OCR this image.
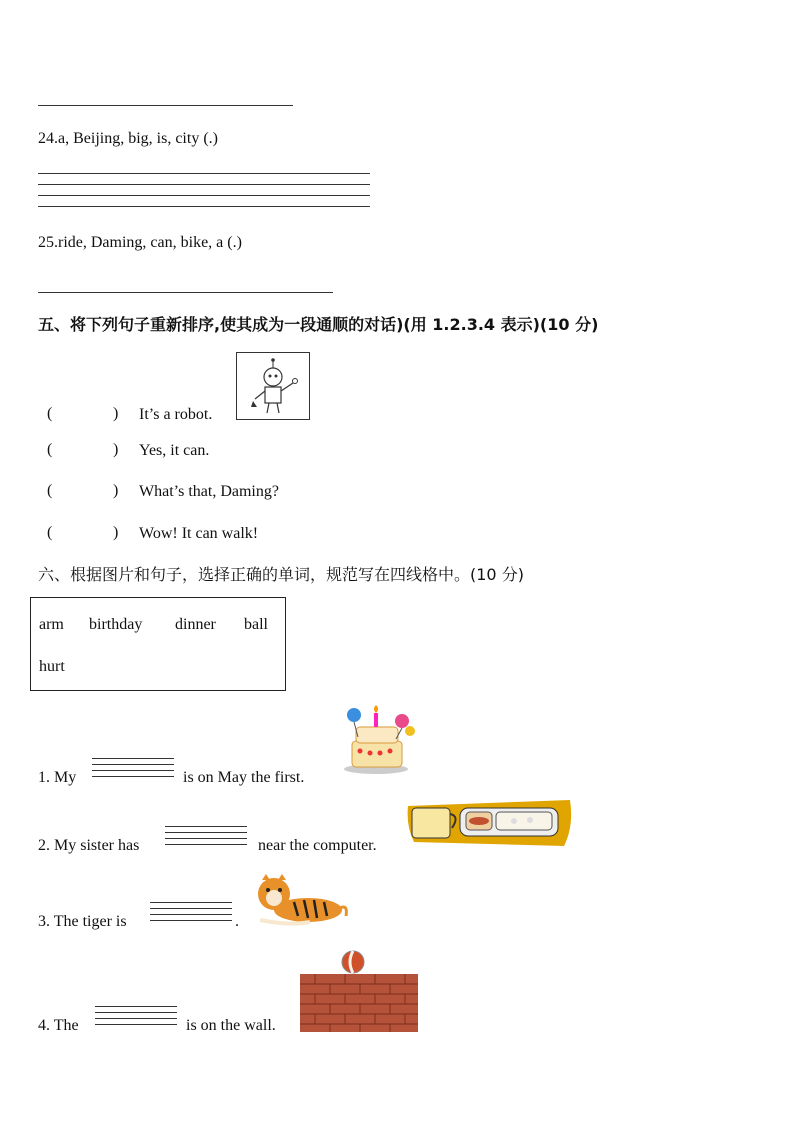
24.a, Beijing, big, is, city (.)
25.ride, Daming, can, bike, a (.)
五、将下列句子重新排序,使其成为一段通顺的对话)(用 1.2.3.4 表示)(10 分)
(	) It’s a robot.
(	) Yes, it can.
(	) What’s that, Daming?
(	) Wow! It can walk!
六、根据图片和句子，选择正确的单词，规范写在四线格中。(10 分)
arm birthday dinner ball
hurt
1. My	is on May the first.
2. My sister has	near the computer.
3. The tiger is	.
4. The	is on the wall.
